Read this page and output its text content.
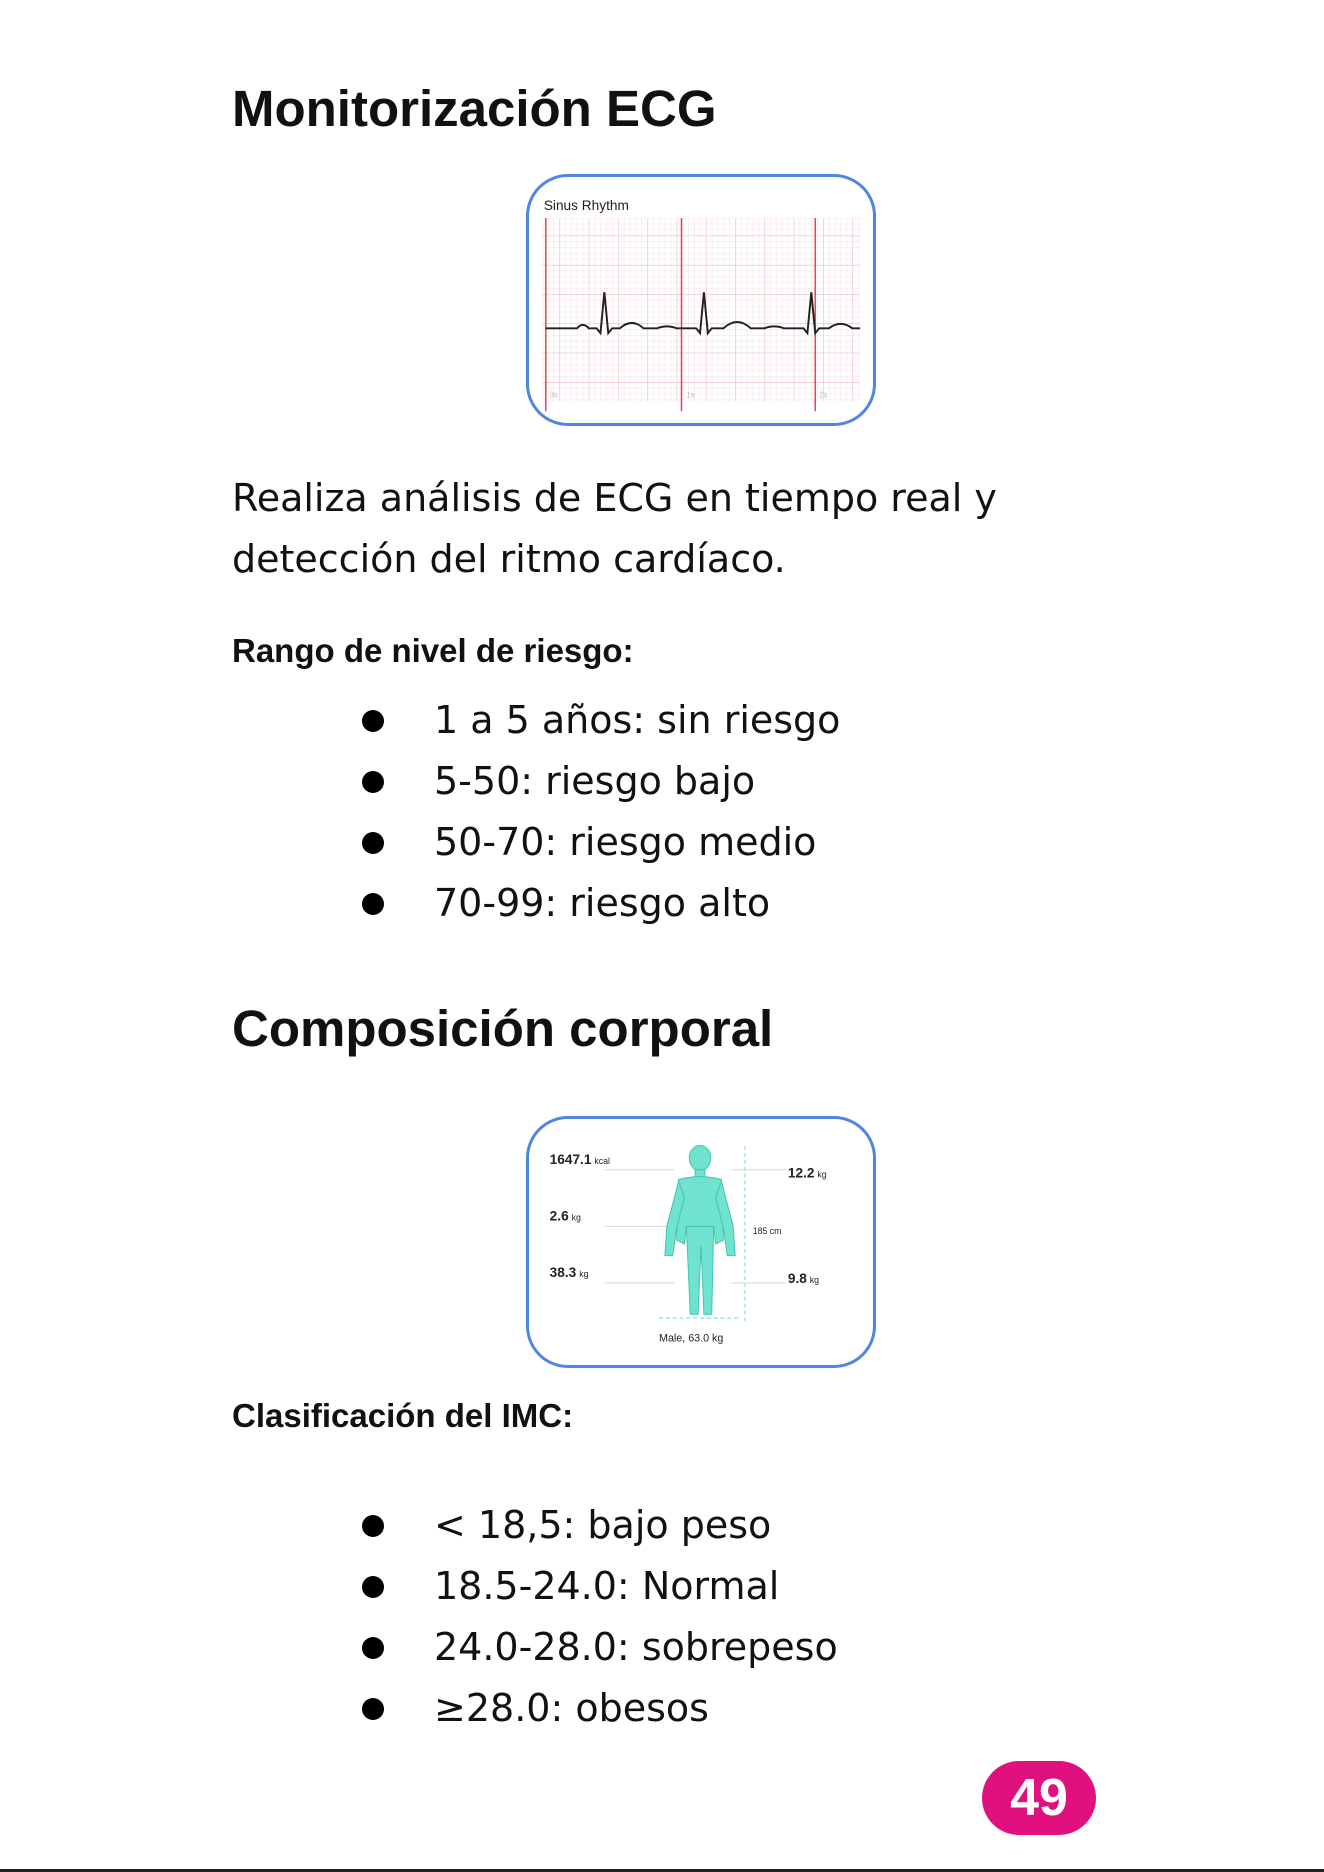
Monitorización ECG
Sinus Rhythm
3s	1s	2s

Realiza análisis de ECG en tiempo real y detección del ritmo cardíaco.

Rango de nivel de riesgo:
1 a 5 años: sin riesgo
5-50: riesgo bajo
50-70: riesgo medio
70-99: riesgo alto
Composición corporal
1647.1 kcal
2.6 kg
38.3 kg
12.2 kg
185 cm
9.8 kg
Male, 63.0 kg
Clasificación del IMC:
< 18,5: bajo peso
18.5-24.0: Normal
24.0-28.0: sobrepeso
≥28.0: obesos
49
